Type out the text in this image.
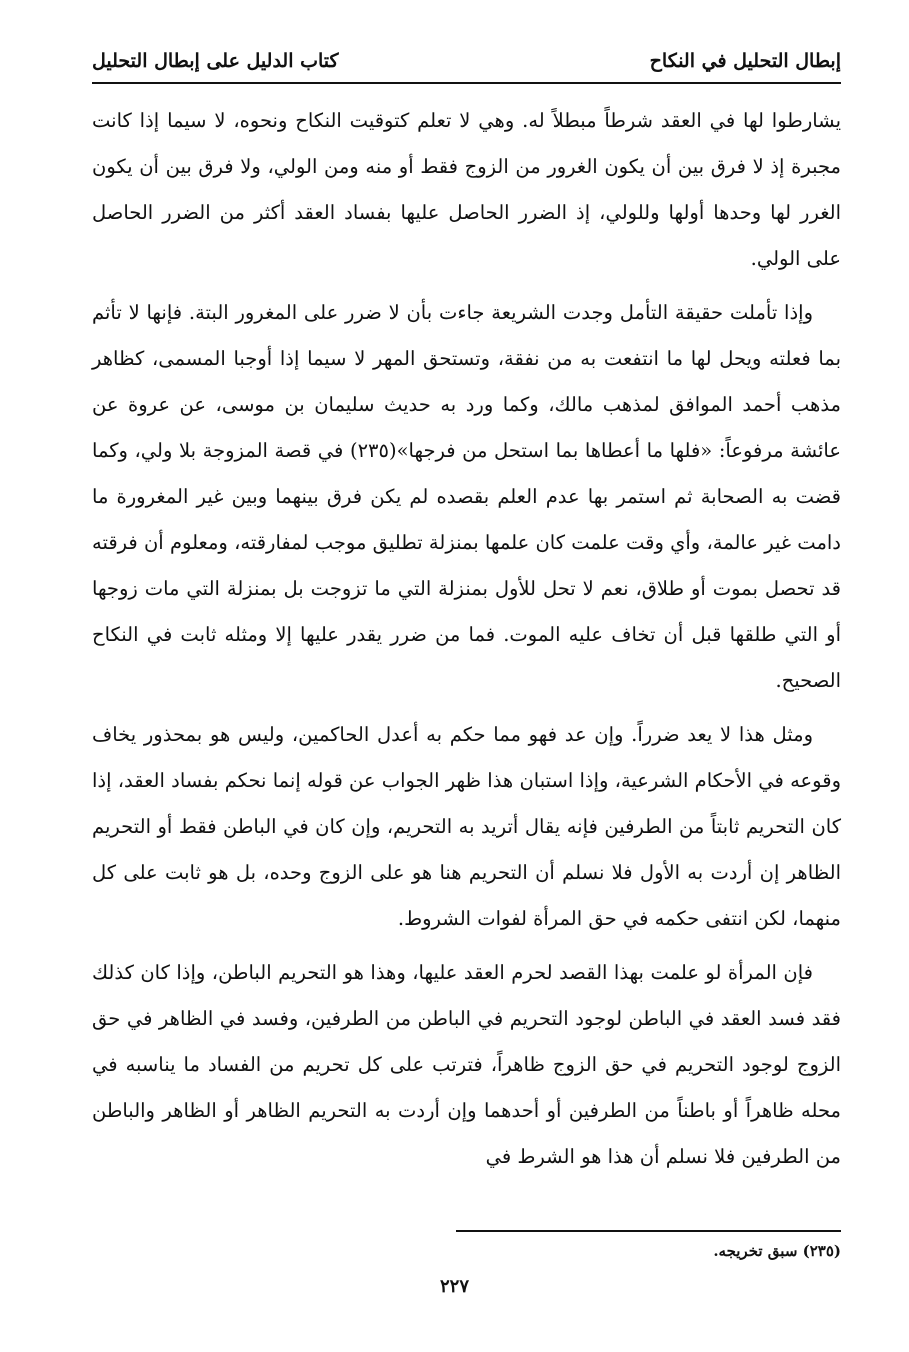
إبطال التحليل في النكاح
كتاب الدليل على إبطال التحليل

يشارطوا لها في العقد شرطاً مبطلاً له. وهي لا تعلم كتوقيت النكاح ونحوه، لا سيما إذا كانت مجبرة إذ لا فرق بين أن يكون الغرور من الزوج فقط أو منه ومن الولي، ولا فرق بين أن يكون الغرر لها وحدها أولها وللولي، إذ الضرر الحاصل عليها بفساد العقد أكثر من الضرر الحاصل على الولي.

وإذا تأملت حقيقة التأمل وجدت الشريعة جاءت بأن لا ضرر على المغرور البتة. فإنها لا تأثم بما فعلته ويحل لها ما انتفعت به من نفقة، وتستحق المهر لا سيما إذا أوجبا المسمى، كظاهر مذهب أحمد الموافق لمذهب مالك، وكما ورد به حديث سليمان بن موسى، عن عروة عن عائشة مرفوعاً: «فلها ما أعطاها بما استحل من فرجها»(٢٣٥) في قصة المزوجة بلا ولي، وكما قضت به الصحابة ثم استمر بها عدم العلم بقصده لم يكن فرق بينهما وبين غير المغرورة ما دامت غير عالمة، وأي وقت علمت كان علمها بمنزلة تطليق موجب لمفارقته، ومعلوم أن فرقته قد تحصل بموت أو طلاق، نعم لا تحل للأول بمنزلة التي ما تزوجت بل بمنزلة التي مات زوجها أو التي طلقها قبل أن تخاف عليه الموت. فما من ضرر يقدر عليها إلا ومثله ثابت في النكاح الصحيح.

ومثل هذا لا يعد ضرراً. وإن عد فهو مما حكم به أعدل الحاكمين، وليس هو بمحذور يخاف وقوعه في الأحكام الشرعية، وإذا استبان هذا ظهر الجواب عن قوله إنما نحكم بفساد العقد، إذا كان التحريم ثابتاً من الطرفين فإنه يقال أتريد به التحريم، وإن كان في الباطن فقط أو التحريم الظاهر إن أردت به الأول فلا نسلم أن التحريم هنا هو على الزوج وحده، بل هو ثابت على كل منهما، لكن انتفى حكمه في حق المرأة لفوات الشروط.

فإن المرأة لو علمت بهذا القصد لحرم العقد عليها، وهذا هو التحريم الباطن، وإذا كان كذلك فقد فسد العقد في الباطن لوجود التحريم في الباطن من الطرفين، وفسد في الظاهر في حق الزوج لوجود التحريم في حق الزوج ظاهراً، فترتب على كل تحريم من الفساد ما يناسبه في محله ظاهراً أو باطناً من الطرفين أو أحدهما وإن أردت به التحريم الظاهر أو الظاهر والباطن من الطرفين فلا نسلم أن هذا هو الشرط في

(٢٣٥) سبق تخريجه.
٢٢٧
